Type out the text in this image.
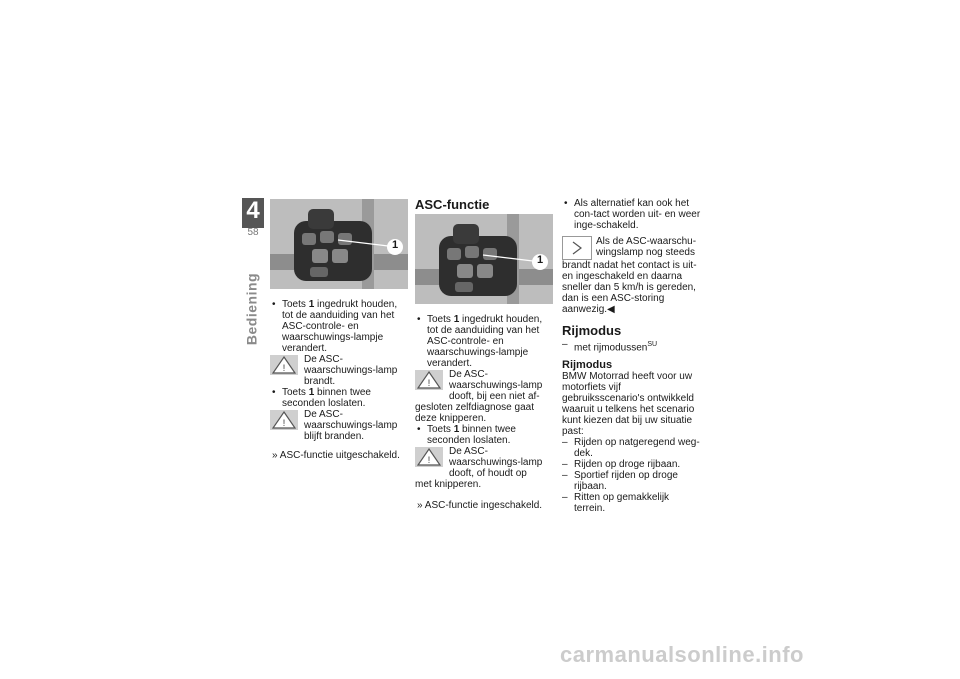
4
58
Bediening
1
• Toets 1 ingedrukt houden, tot de aanduiding van het ASC-controle- en waarschuwings-lampje verandert.
!
De ASC-waarschuwings-lamp brandt.
• Toets 1 binnen twee seconden loslaten.
!
De ASC-waarschuwings-lamp blijft branden.
» ASC-functie uitgeschakeld.
ASC-functie
1
• Toets 1 ingedrukt houden, tot de aanduiding van het ASC-controle- en waarschuwings-lampje verandert.
!
De ASC-waarschuwings-lamp dooft, bij een niet af-
gesloten zelfdiagnose gaat deze knipperen.
• Toets 1 binnen twee seconden loslaten.
!
De ASC-waarschuwings-lamp dooft, of houdt op
met knipperen.
» ASC-functie ingeschakeld.
• Als alternatief kan ook het con-tact worden uit- en weer inge-schakeld.
Als de ASC-waarschu-wingslamp nog steeds
brandt nadat het contact is uit- en ingeschakeld en daarna sneller dan 5 km/h is gereden, dan is een ASC-storing aanwezig.◀
Rijmodus
– met rijmodussen$^{SU}$
Rijmodus
BMW Motorrad heeft voor uw motorfiets vijf gebruiksscenario's ontwikkeld waaruit u telkens het scenario kunt kiezen dat bij uw situatie past:
– Rijden op natgeregend weg-dek.
– Rijden op droge rijbaan.
– Sportief rijden op droge rijbaan.
– Ritten op gemakkelijk terrein.
carmanualsonline.info
